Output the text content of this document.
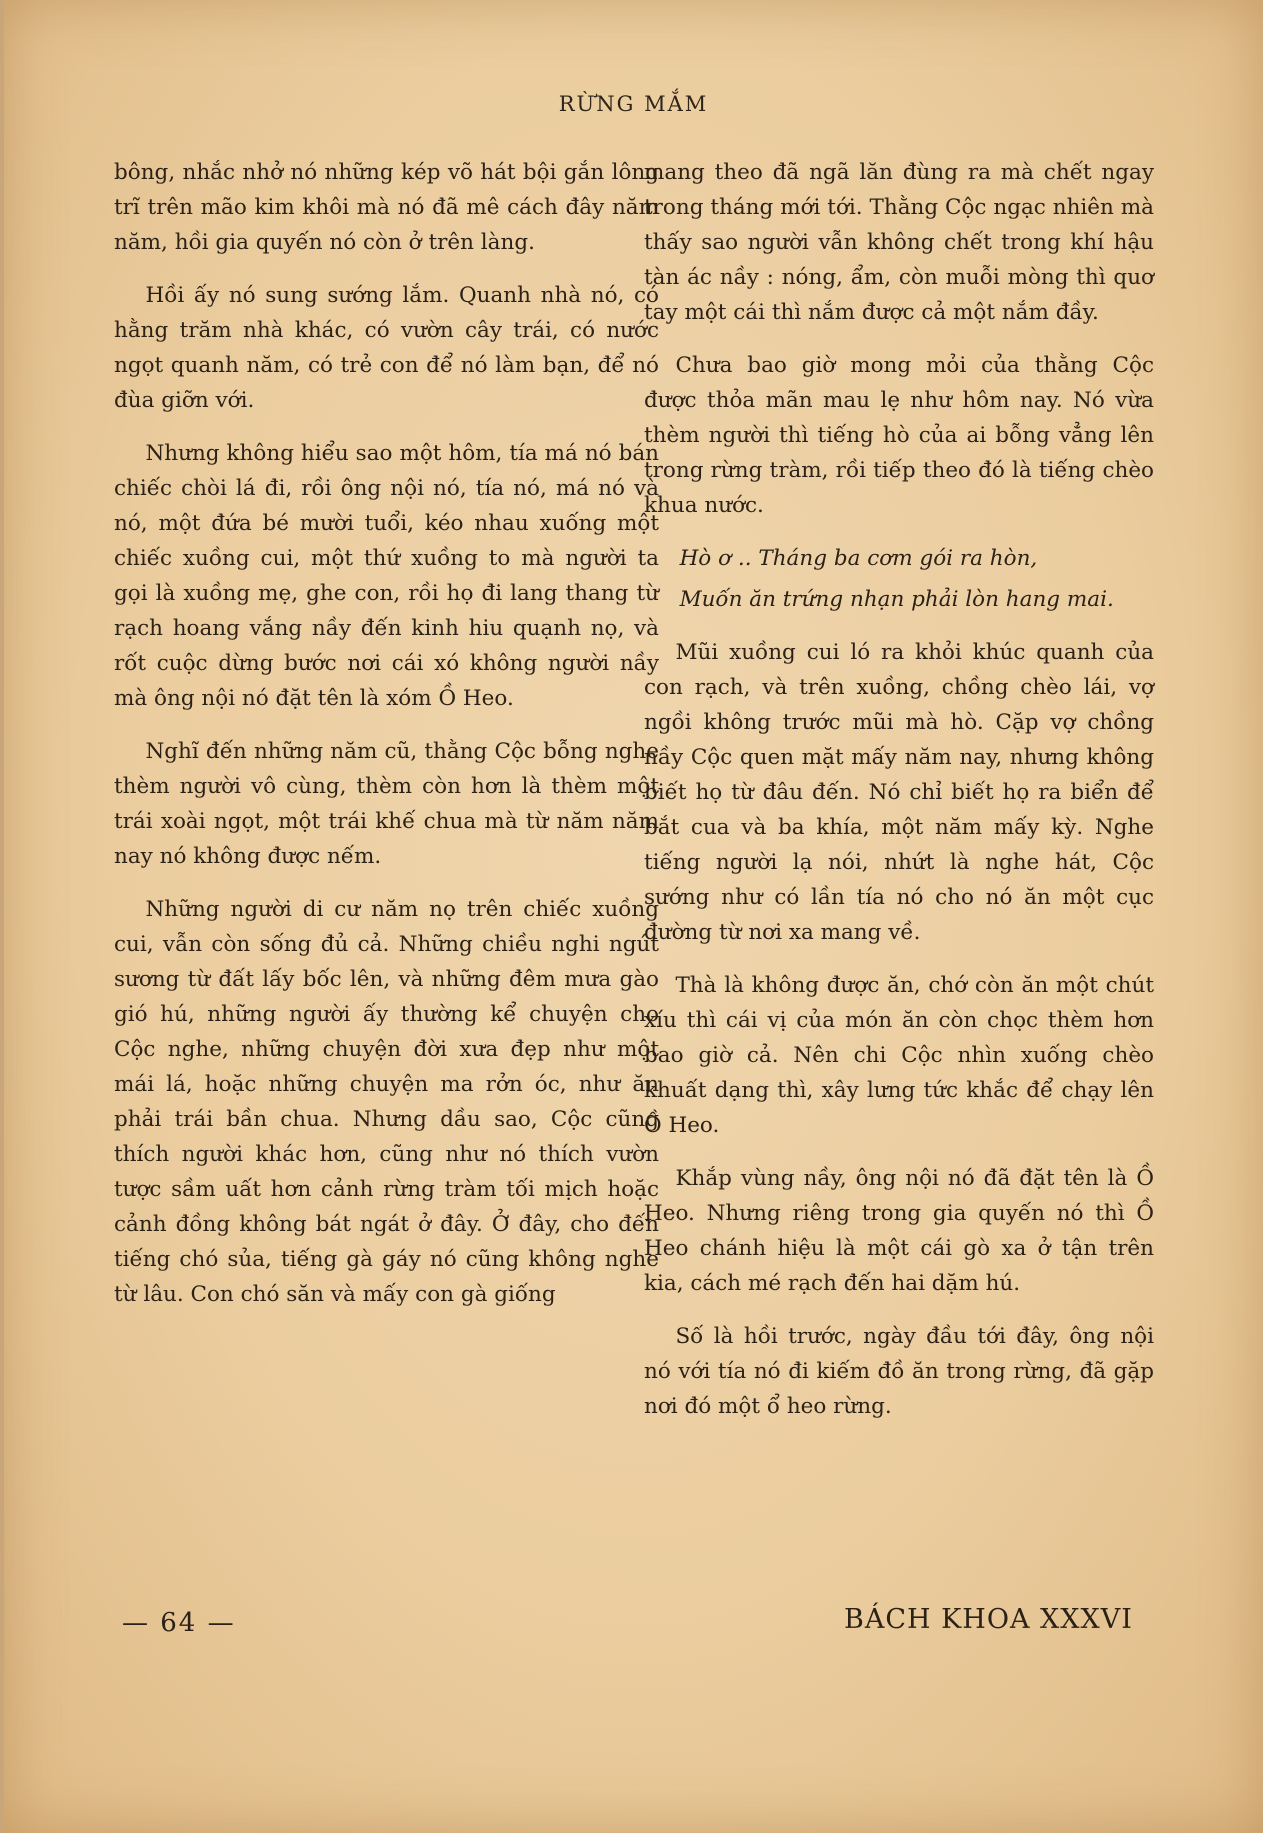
RỪNG MẮM

bông, nhắc nhở nó những kép võ hát bội gắn lông trĩ trên mão kim khôi mà nó đã mê cách đây năm năm, hồi gia quyến nó còn ở trên làng.

Hồi ấy nó sung sướng lắm. Quanh nhà nó, có hằng trăm nhà khác, có vườn cây trái, có nước ngọt quanh năm, có trẻ con để nó làm bạn, để nó đùa giỡn với.

Nhưng không hiểu sao một hôm, tía má nó bán chiếc chòi lá đi, rồi ông nội nó, tía nó, má nó và nó, một đứa bé mười tuổi, kéo nhau xuống một chiếc xuồng cui, một thứ xuồng to mà người ta gọi là xuồng mẹ, ghe con, rồi họ đi lang thang từ rạch hoang vắng nầy đến kinh hiu quạnh nọ, và rốt cuộc dừng bước nơi cái xó không người nầy mà ông nội nó đặt tên là xóm Ồ Heo.

Nghĩ đến những năm cũ, thằng Cộc bỗng nghe thèm người vô cùng, thèm còn hơn là thèm một trái xoài ngọt, một trái khế chua mà từ năm năm nay nó không được nếm.

Những người di cư năm nọ trên chiếc xuồng cui, vẫn còn sống đủ cả. Những chiều nghi ngút sương từ đất lấy bốc lên, và những đêm mưa gào gió hú, những người ấy thường kể chuyện cho Cộc nghe, những chuyện đời xưa đẹp như một mái lá, hoặc những chuyện ma rởn óc, như ăn phải trái bần chua. Nhưng dầu sao, Cộc cũng thích người khác hơn, cũng như nó thích vườn tược sầm uất hơn cảnh rừng tràm tối mịch hoặc cảnh đồng không bát ngát ở đây. Ở đây, cho đến tiếng chó sủa, tiếng gà gáy nó cũng không nghe từ lâu. Con chó săn và mấy con gà giống

mang theo đã ngã lăn đùng ra mà chết ngay trong tháng mới tới. Thằng Cộc ngạc nhiên mà thấy sao người vẫn không chết trong khí hậu tàn ác nầy : nóng, ẩm, còn muỗi mòng thì quơ tay một cái thì nắm được cả một nắm đầy.

Chưa bao giờ mong mỏi của thằng Cộc được thỏa mãn mau lẹ như hôm nay. Nó vừa thèm người thì tiếng hò của ai bỗng vẳng lên trong rừng tràm, rồi tiếp theo đó là tiếng chèo khua nước.

Hò ơ .. Tháng ba cơm gói ra hòn,

Muốn ăn trứng nhạn phải lòn hang mai.

Mũi xuồng cui ló ra khỏi khúc quanh của con rạch, và trên xuồng, chồng chèo lái, vợ ngồi không trước mũi mà hò. Cặp vợ chồng nầy Cộc quen mặt mấy năm nay, nhưng không biết họ từ đâu đến. Nó chỉ biết họ ra biển để bắt cua và ba khía, một năm mấy kỳ. Nghe tiếng người lạ nói, nhứt là nghe hát, Cộc sướng như có lần tía nó cho nó ăn một cục đường từ nơi xa mang về.

Thà là không được ăn, chớ còn ăn một chút xíu thì cái vị của món ăn còn chọc thèm hơn bao giờ cả. Nên chi Cộc nhìn xuống chèo khuất dạng thì, xây lưng tức khắc để chạy lên Ồ Heo.

Khắp vùng nầy, ông nội nó đã đặt tên là Ồ Heo. Nhưng riêng trong gia quyến nó thì Ồ Heo chánh hiệu là một cái gò xa ở tận trên kia, cách mé rạch đến hai dặm hú.

Số là hồi trước, ngày đầu tới đây, ông nội nó với tía nó đi kiếm đồ ăn trong rừng, đã gặp nơi đó một ổ heo rừng.

— 64 —	BÁCH KHOA XXXVI
